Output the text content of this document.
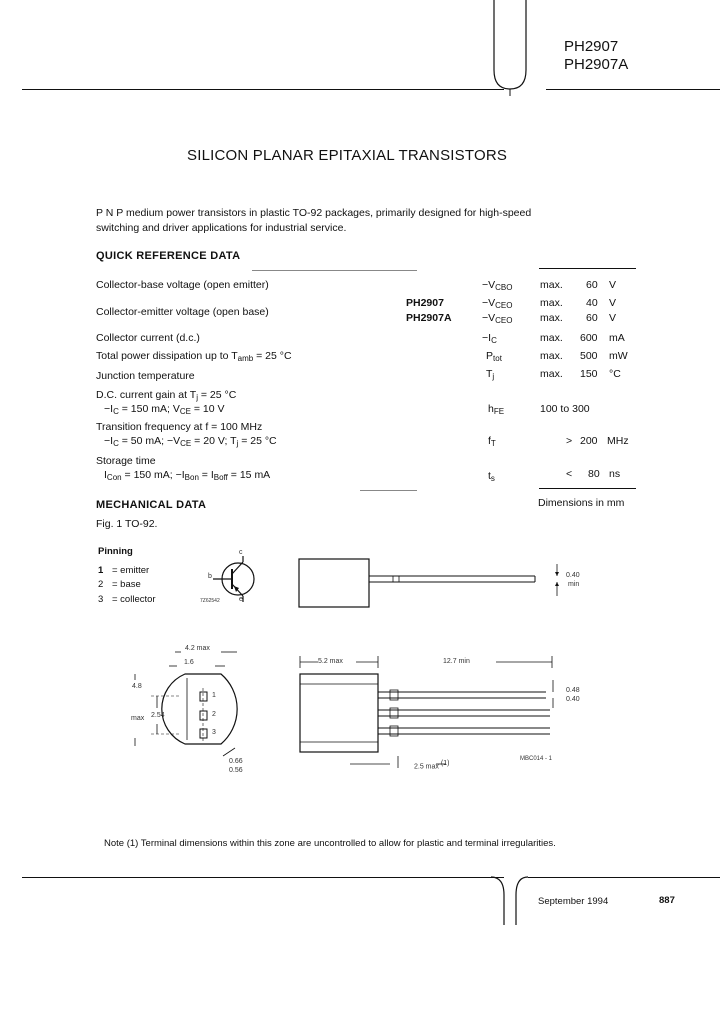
PH2907
PH2907A
SILICON PLANAR EPITAXIAL TRANSISTORS
P N P medium power transistors in plastic TO-92 packages, primarily designed for high-speed
switching and driver applications for industrial service.
QUICK REFERENCE DATA
Collector-base voltage (open emitter)	$-V_{CBO}$	max. 60 V
Collector-emitter voltage (open base)
PH2907	$-V_{CEO}$	max. 40 V
PH2907A	$-V_{CEO}$	max. 60 V
Collector current (d.c.)	$-I_C$	max. 600 mA
Total power dissipation up to $T_{amb} = 25$ °C	$P_{tot}$	max. 500 mW
Junction temperature	$T_j$	max. 150 °C
D.C. current gain at $T_j = 25$ °C
$-I_C = 150$ mA; $V_{CE} = 10$ V	$h_{FE}$	100 to 300
Transition frequency at f = 100 MHz
$-I_C = 50$ mA; $-V_{CE} = 20$ V; $T_j = 25$ °C	$f_T$	> 200 MHz
Storage time
$I_{Con} = 150$ mA; $-I_{Bon} = I_{Boff} = 15$ mA	$t_s$	< 80 ns
MECHANICAL DATA	Dimensions in mm
Fig. 1 TO-92.
Pinning
1 = emitter
2 = base
3 = collector
c
b
e
7Z62542
0.40
min
4.2 max
1.6
4.8
max 2.54
1
2
3
0.66
0.56
5.2 max	12.7 min
0.48
0.40
2.5 max $^{(1)}$
MBC014 - 1
Note (1) Terminal dimensions within this zone are uncontrolled to allow for plastic and terminal irregularities.
September 1994	887
